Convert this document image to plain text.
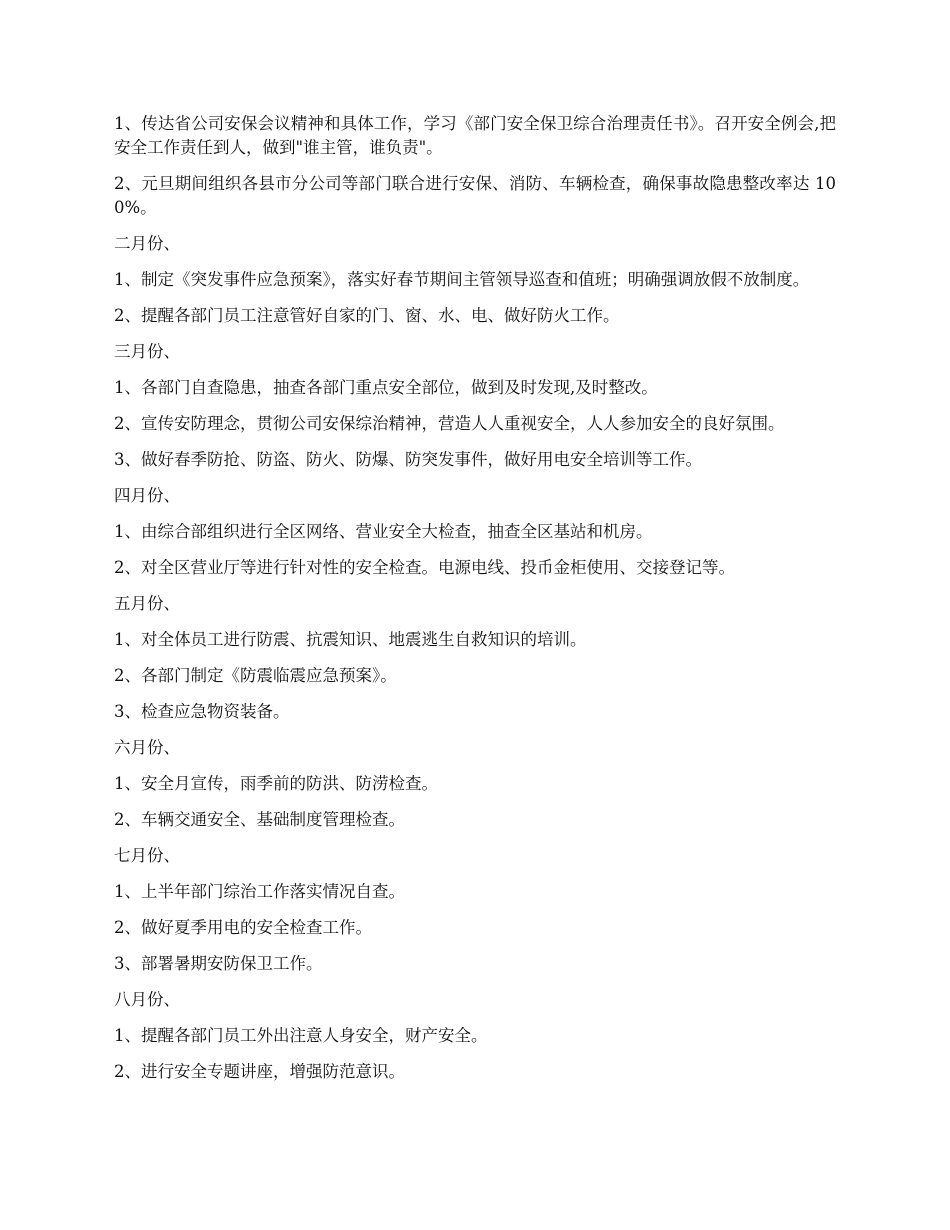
1、传达省公司安保会议精神和具体工作，学习《部门安全保卫综合治理责任书》。召开安全例会,把安全工作责任到人，做到"谁主管，谁负责"。

2、元旦期间组织各县市分公司等部门联合进行安保、消防、车辆检查，确保事故隐患整改率达 100%。

二月份、

1、制定《突发事件应急预案》，落实好春节期间主管领导巡查和值班；明确强调放假不放制度。

2、提醒各部门员工注意管好自家的门、窗、水、电、做好防火工作。

三月份、

1、各部门自查隐患，抽查各部门重点安全部位，做到及时发现,及时整改。

2、宣传安防理念，贯彻公司安保综治精神，营造人人重视安全，人人参加安全的良好氛围。

3、做好春季防抢、防盗、防火、防爆、防突发事件，做好用电安全培训等工作。

四月份、

1、由综合部组织进行全区网络、营业安全大检查，抽查全区基站和机房。

2、对全区营业厅等进行针对性的安全检查。电源电线、投币金柜使用、交接登记等。

五月份、

1、对全体员工进行防震、抗震知识、地震逃生自救知识的培训。

2、各部门制定《防震临震应急预案》。

3、检查应急物资装备。

六月份、

1、安全月宣传，雨季前的防洪、防涝检查。

2、车辆交通安全、基础制度管理检查。

七月份、

1、上半年部门综治工作落实情况自查。

2、做好夏季用电的安全检查工作。

3、部署暑期安防保卫工作。

八月份、

1、提醒各部门员工外出注意人身安全，财产安全。

2、进行安全专题讲座，增强防范意识。
